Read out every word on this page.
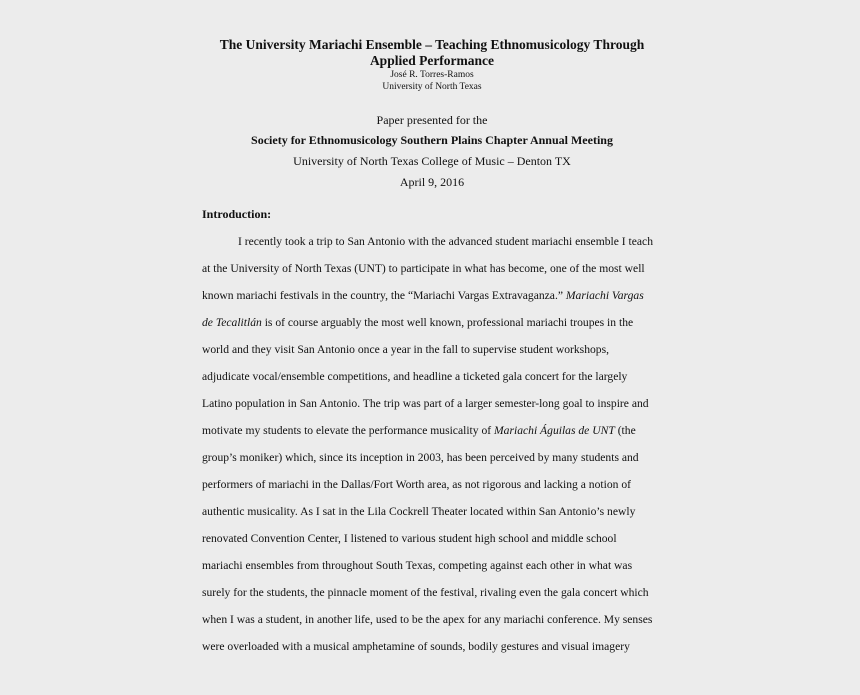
The University Mariachi Ensemble – Teaching Ethnomusicology Through
Applied Performance
José R. Torres-Ramos
University of North Texas
Paper presented for the
Society for Ethnomusicology Southern Plains Chapter Annual Meeting
University of North Texas College of Music – Denton TX
April 9, 2016
Introduction:
I recently took a trip to San Antonio with the advanced student mariachi ensemble I teach
at the University of North Texas (UNT) to participate in what has become, one of the most well
known mariachi festivals in the country, the “Mariachi Vargas Extravaganza.” Mariachi Vargas
de Tecalitlán is of course arguably the most well known, professional mariachi troupes in the
world and they visit San Antonio once a year in the fall to supervise student workshops,
adjudicate vocal/ensemble competitions, and headline a ticketed gala concert for the largely
Latino population in San Antonio. The trip was part of a larger semester-long goal to inspire and
motivate my students to elevate the performance musicality of Mariachi Águilas de UNT (the
group’s moniker) which, since its inception in 2003, has been perceived by many students and
performers of mariachi in the Dallas/Fort Worth area, as not rigorous and lacking a notion of
authentic musicality. As I sat in the Lila Cockrell Theater located within San Antonio’s newly
renovated Convention Center, I listened to various student high school and middle school
mariachi ensembles from throughout South Texas, competing against each other in what was
surely for the students, the pinnacle moment of the festival, rivaling even the gala concert which
when I was a student, in another life, used to be the apex for any mariachi conference. My senses
were overloaded with a musical amphetamine of sounds, bodily gestures and visual imagery
